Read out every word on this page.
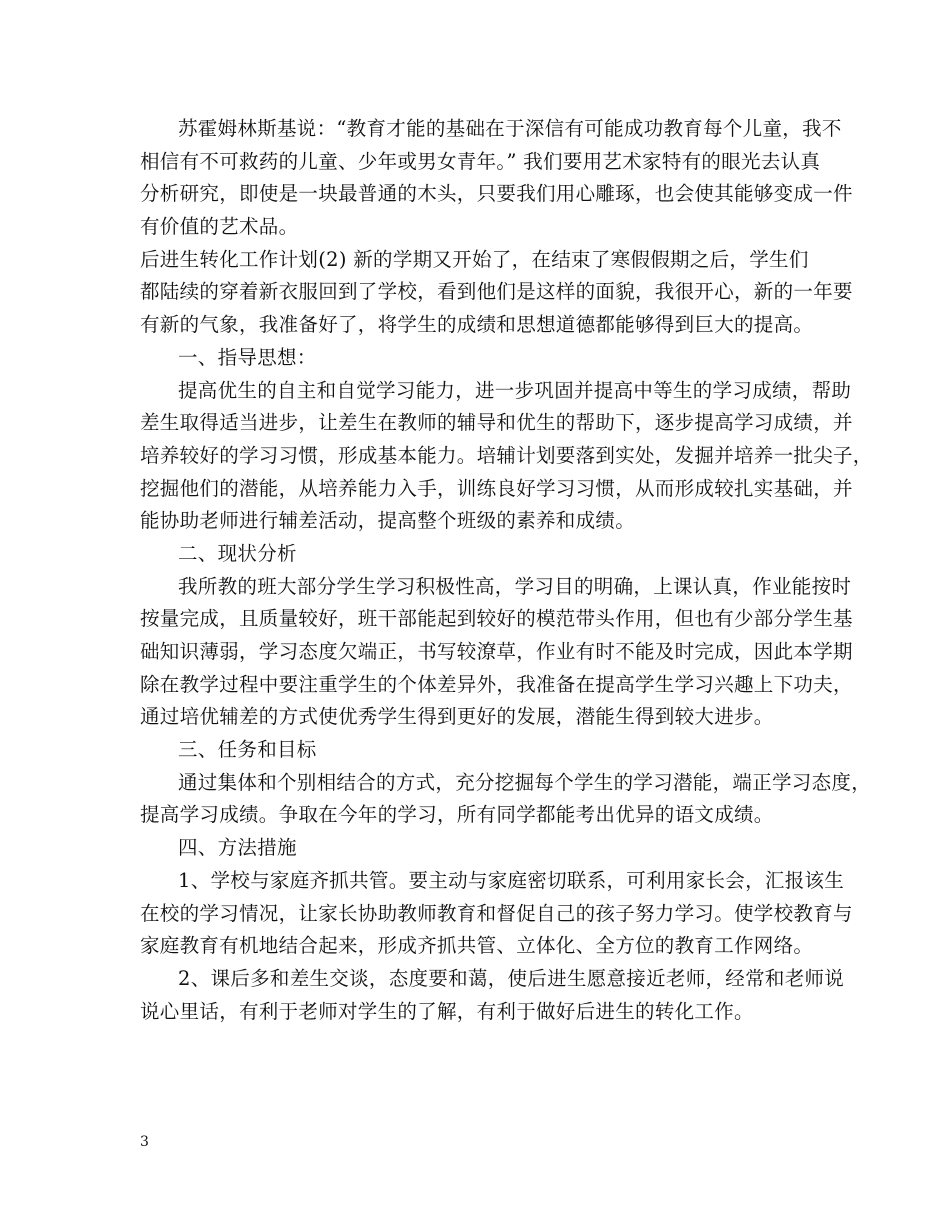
苏霍姆林斯基说：“教育才能的基础在于深信有可能成功教育每个儿童，我不
相信有不可救药的儿童、少年或男女青年。” 我们要用艺术家特有的眼光去认真
分析研究，即使是一块最普通的木头，只要我们用心雕琢，也会使其能够变成一件
有价值的艺术品。
后进生转化工作计划(2) 新的学期又开始了，在结束了寒假假期之后，学生们
都陆续的穿着新衣服回到了学校，看到他们是这样的面貌，我很开心，新的一年要
有新的气象，我准备好了，将学生的成绩和思想道德都能够得到巨大的提高。
一、指导思想：
提高优生的自主和自觉学习能力，进一步巩固并提高中等生的学习成绩，帮助
差生取得适当进步，让差生在教师的辅导和优生的帮助下，逐步提高学习成绩，并
培养较好的学习习惯，形成基本能力。培辅计划要落到实处，发掘并培养一批尖子，
挖掘他们的潜能，从培养能力入手，训练良好学习习惯，从而形成较扎实基础，并
能协助老师进行辅差活动，提高整个班级的素养和成绩。
二、现状分析
我所教的班大部分学生学习积极性高，学习目的明确，上课认真，作业能按时
按量完成，且质量较好，班干部能起到较好的模范带头作用，但也有少部分学生基
础知识薄弱，学习态度欠端正，书写较潦草，作业有时不能及时完成，因此本学期
除在教学过程中要注重学生的个体差异外，我准备在提高学生学习兴趣上下功夫，
通过培优辅差的方式使优秀学生得到更好的发展，潜能生得到较大进步。
三、任务和目标
通过集体和个别相结合的方式，充分挖掘每个学生的学习潜能，端正学习态度，
提高学习成绩。争取在今年的学习，所有同学都能考出优异的语文成绩。
四、方法措施
1、学校与家庭齐抓共管。要主动与家庭密切联系，可利用家长会，汇报该生
在校的学习情况，让家长协助教师教育和督促自己的孩子努力学习。使学校教育与
家庭教育有机地结合起来，形成齐抓共管、立体化、全方位的教育工作网络。
2、课后多和差生交谈，态度要和蔼，使后进生愿意接近老师，经常和老师说
说心里话，有利于老师对学生的了解，有利于做好后进生的转化工作。
3
